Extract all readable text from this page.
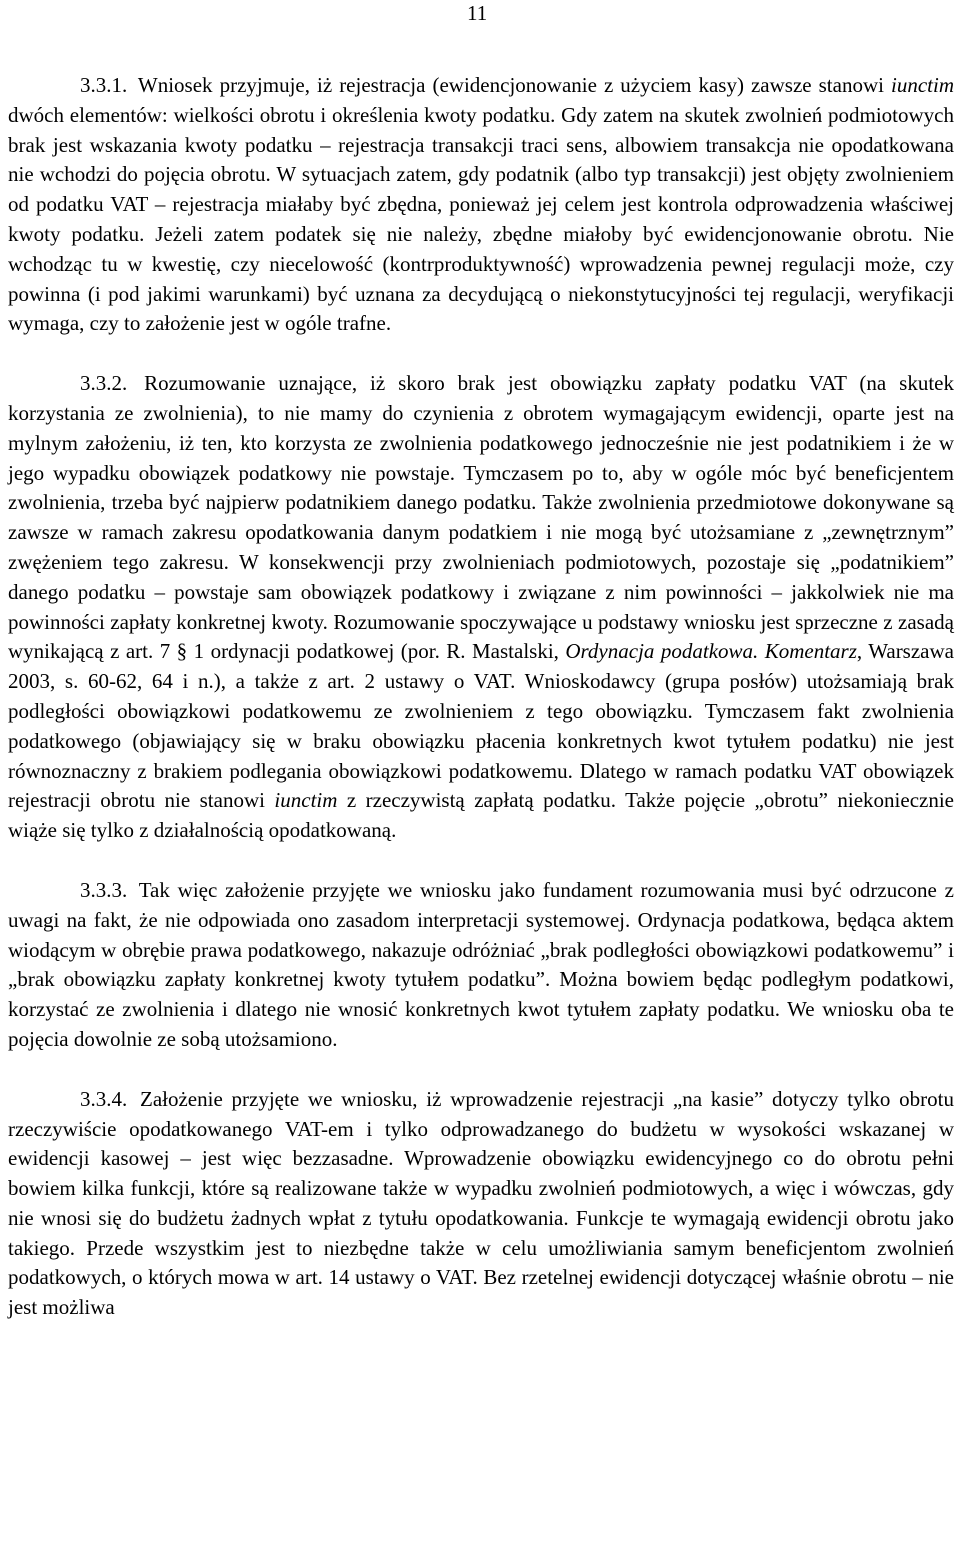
11

3.3.1. Wniosek przyjmuje, iż rejestracja (ewidencjonowanie z użyciem kasy) zawsze stanowi iunctim dwóch elementów: wielkości obrotu i określenia kwoty podatku. Gdy zatem na skutek zwolnień podmiotowych brak jest wskazania kwoty podatku – rejestracja transakcji traci sens, albowiem transakcja nie opodatkowana nie wchodzi do pojęcia obrotu. W sytuacjach zatem, gdy podatnik (albo typ transakcji) jest objęty zwolnieniem od podatku VAT – rejestracja miałaby być zbędna, ponieważ jej celem jest kontrola odprowadzenia właściwej kwoty podatku. Jeżeli zatem podatek się nie należy, zbędne miałoby być ewidencjonowanie obrotu. Nie wchodząc tu w kwestię, czy niecelowość (kontrproduktywność) wprowadzenia pewnej regulacji może, czy powinna (i pod jakimi warunkami) być uznana za decydującą o niekonstytucyjności tej regulacji, weryfikacji wymaga, czy to założenie jest w ogóle trafne.

3.3.2. Rozumowanie uznające, iż skoro brak jest obowiązku zapłaty podatku VAT (na skutek korzystania ze zwolnienia), to nie mamy do czynienia z obrotem wymagającym ewidencji, oparte jest na mylnym założeniu, iż ten, kto korzysta ze zwolnienia podatkowego jednocześnie nie jest podatnikiem i że w jego wypadku obowiązek podatkowy nie powstaje. Tymczasem po to, aby w ogóle móc być beneficjentem zwolnienia, trzeba być najpierw podatnikiem danego podatku. Także zwolnienia przedmiotowe dokonywane są zawsze w ramach zakresu opodatkowania danym podatkiem i nie mogą być utożsamiane z „zewnętrznym” zwężeniem tego zakresu. W konsekwencji przy zwolnieniach podmiotowych, pozostaje się „podatnikiem” danego podatku – powstaje sam obowiązek podatkowy i związane z nim powinności – jakkolwiek nie ma powinności zapłaty konkretnej kwoty. Rozumowanie spoczywające u podstawy wniosku jest sprzeczne z zasadą wynikającą z art. 7 § 1 ordynacji podatkowej (por. R. Mastalski, Ordynacja podatkowa. Komentarz, Warszawa 2003, s. 60-62, 64 i n.), a także z art. 2 ustawy o VAT. Wnioskodawcy (grupa posłów) utożsamiają brak podległości obowiązkowi podatkowemu ze zwolnieniem z tego obowiązku. Tymczasem fakt zwolnienia podatkowego (objawiający się w braku obowiązku płacenia konkretnych kwot tytułem podatku) nie jest równoznaczny z brakiem podlegania obowiązkowi podatkowemu. Dlatego w ramach podatku VAT obowiązek rejestracji obrotu nie stanowi iunctim z rzeczywistą zapłatą podatku. Także pojęcie „obrotu” niekoniecznie wiąże się tylko z działalnością opodatkowaną.

3.3.3. Tak więc założenie przyjęte we wniosku jako fundament rozumowania musi być odrzucone z uwagi na fakt, że nie odpowiada ono zasadom interpretacji systemowej. Ordynacja podatkowa, będąca aktem wiodącym w obrębie prawa podatkowego, nakazuje odróżniać „brak podległości obowiązkowi podatkowemu” i „brak obowiązku zapłaty konkretnej kwoty tytułem podatku”. Można bowiem będąc podległym podatkowi, korzystać ze zwolnienia i dlatego nie wnosić konkretnych kwot tytułem zapłaty podatku. We wniosku oba te pojęcia dowolnie ze sobą utożsamiono.

3.3.4. Założenie przyjęte we wniosku, iż wprowadzenie rejestracji „na kasie” dotyczy tylko obrotu rzeczywiście opodatkowanego VAT-em i tylko odprowadzanego do budżetu w wysokości wskazanej w ewidencji kasowej – jest więc bezzasadne. Wprowadzenie obowiązku ewidencyjnego co do obrotu pełni bowiem kilka funkcji, które są realizowane także w wypadku zwolnień podmiotowych, a więc i wówczas, gdy nie wnosi się do budżetu żadnych wpłat z tytułu opodatkowania. Funkcje te wymagają ewidencji obrotu jako takiego. Przede wszystkim jest to niezbędne także w celu umożliwiania samym beneficjentom zwolnień podatkowych, o których mowa w art. 14 ustawy o VAT. Bez rzetelnej ewidencji dotyczącej właśnie obrotu – nie jest możliwa
